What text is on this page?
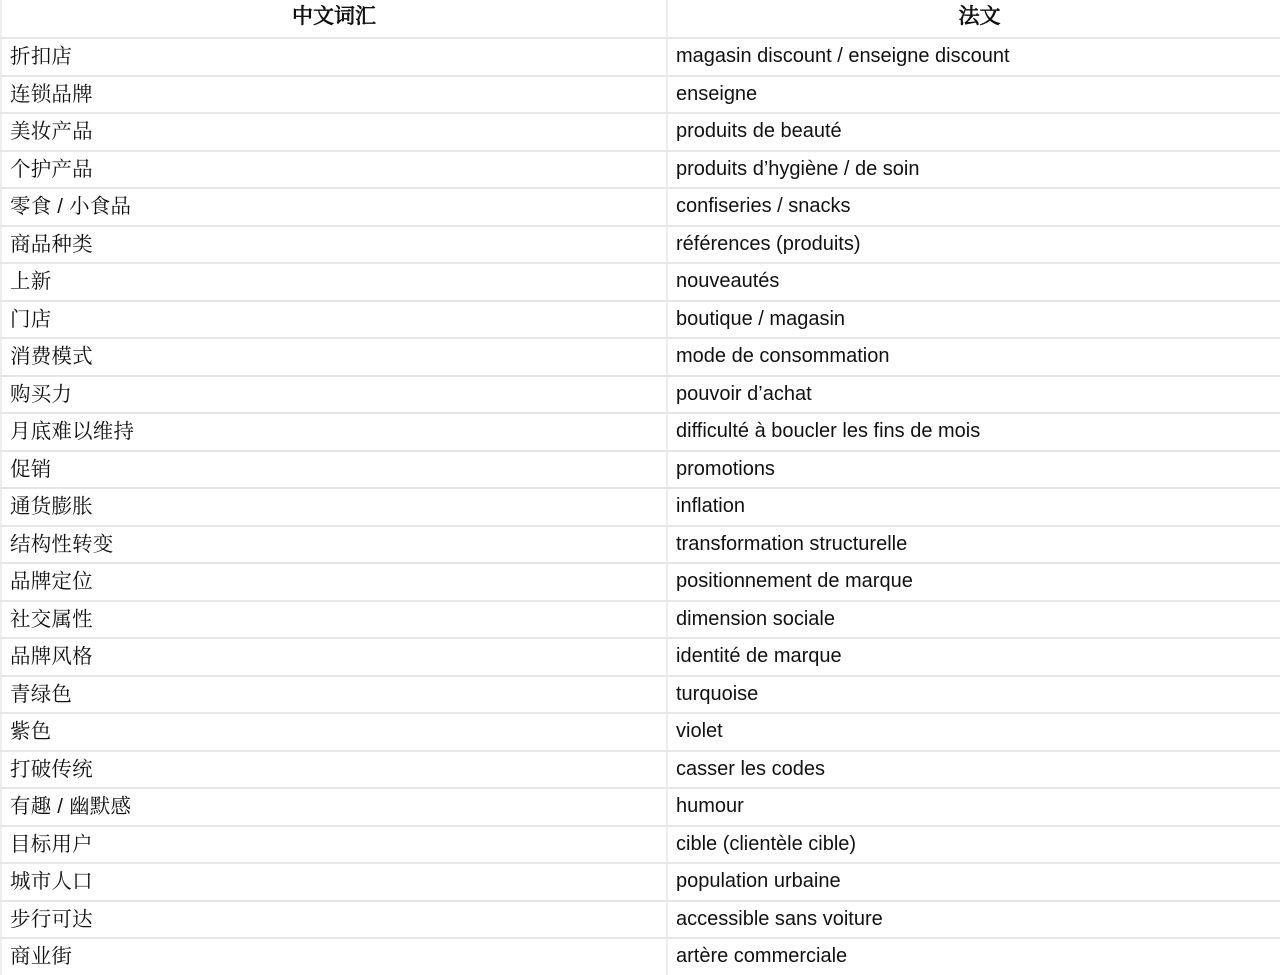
中文词汇	法文
折扣店	magasin discount / enseigne discount
连锁品牌	enseigne
美妆产品	produits de beauté
个护产品	produits d’hygiène / de soin
零食 / 小食品	confiseries / snacks
商品种类	références (produits)
上新	nouveautés
门店	boutique / magasin
消费模式	mode de consommation
购买力	pouvoir d’achat
月底难以维持	difficulté à boucler les fins de mois
促销	promotions
通货膨胀	inflation
结构性转变	transformation structurelle
品牌定位	positionnement de marque
社交属性	dimension sociale
品牌风格	identité de marque
青绿色	turquoise
紫色	violet
打破传统	casser les codes
有趣 / 幽默感	humour
目标用户	cible (clientèle cible)
城市人口	population urbaine
步行可达	accessible sans voiture
商业街	artère commerciale
